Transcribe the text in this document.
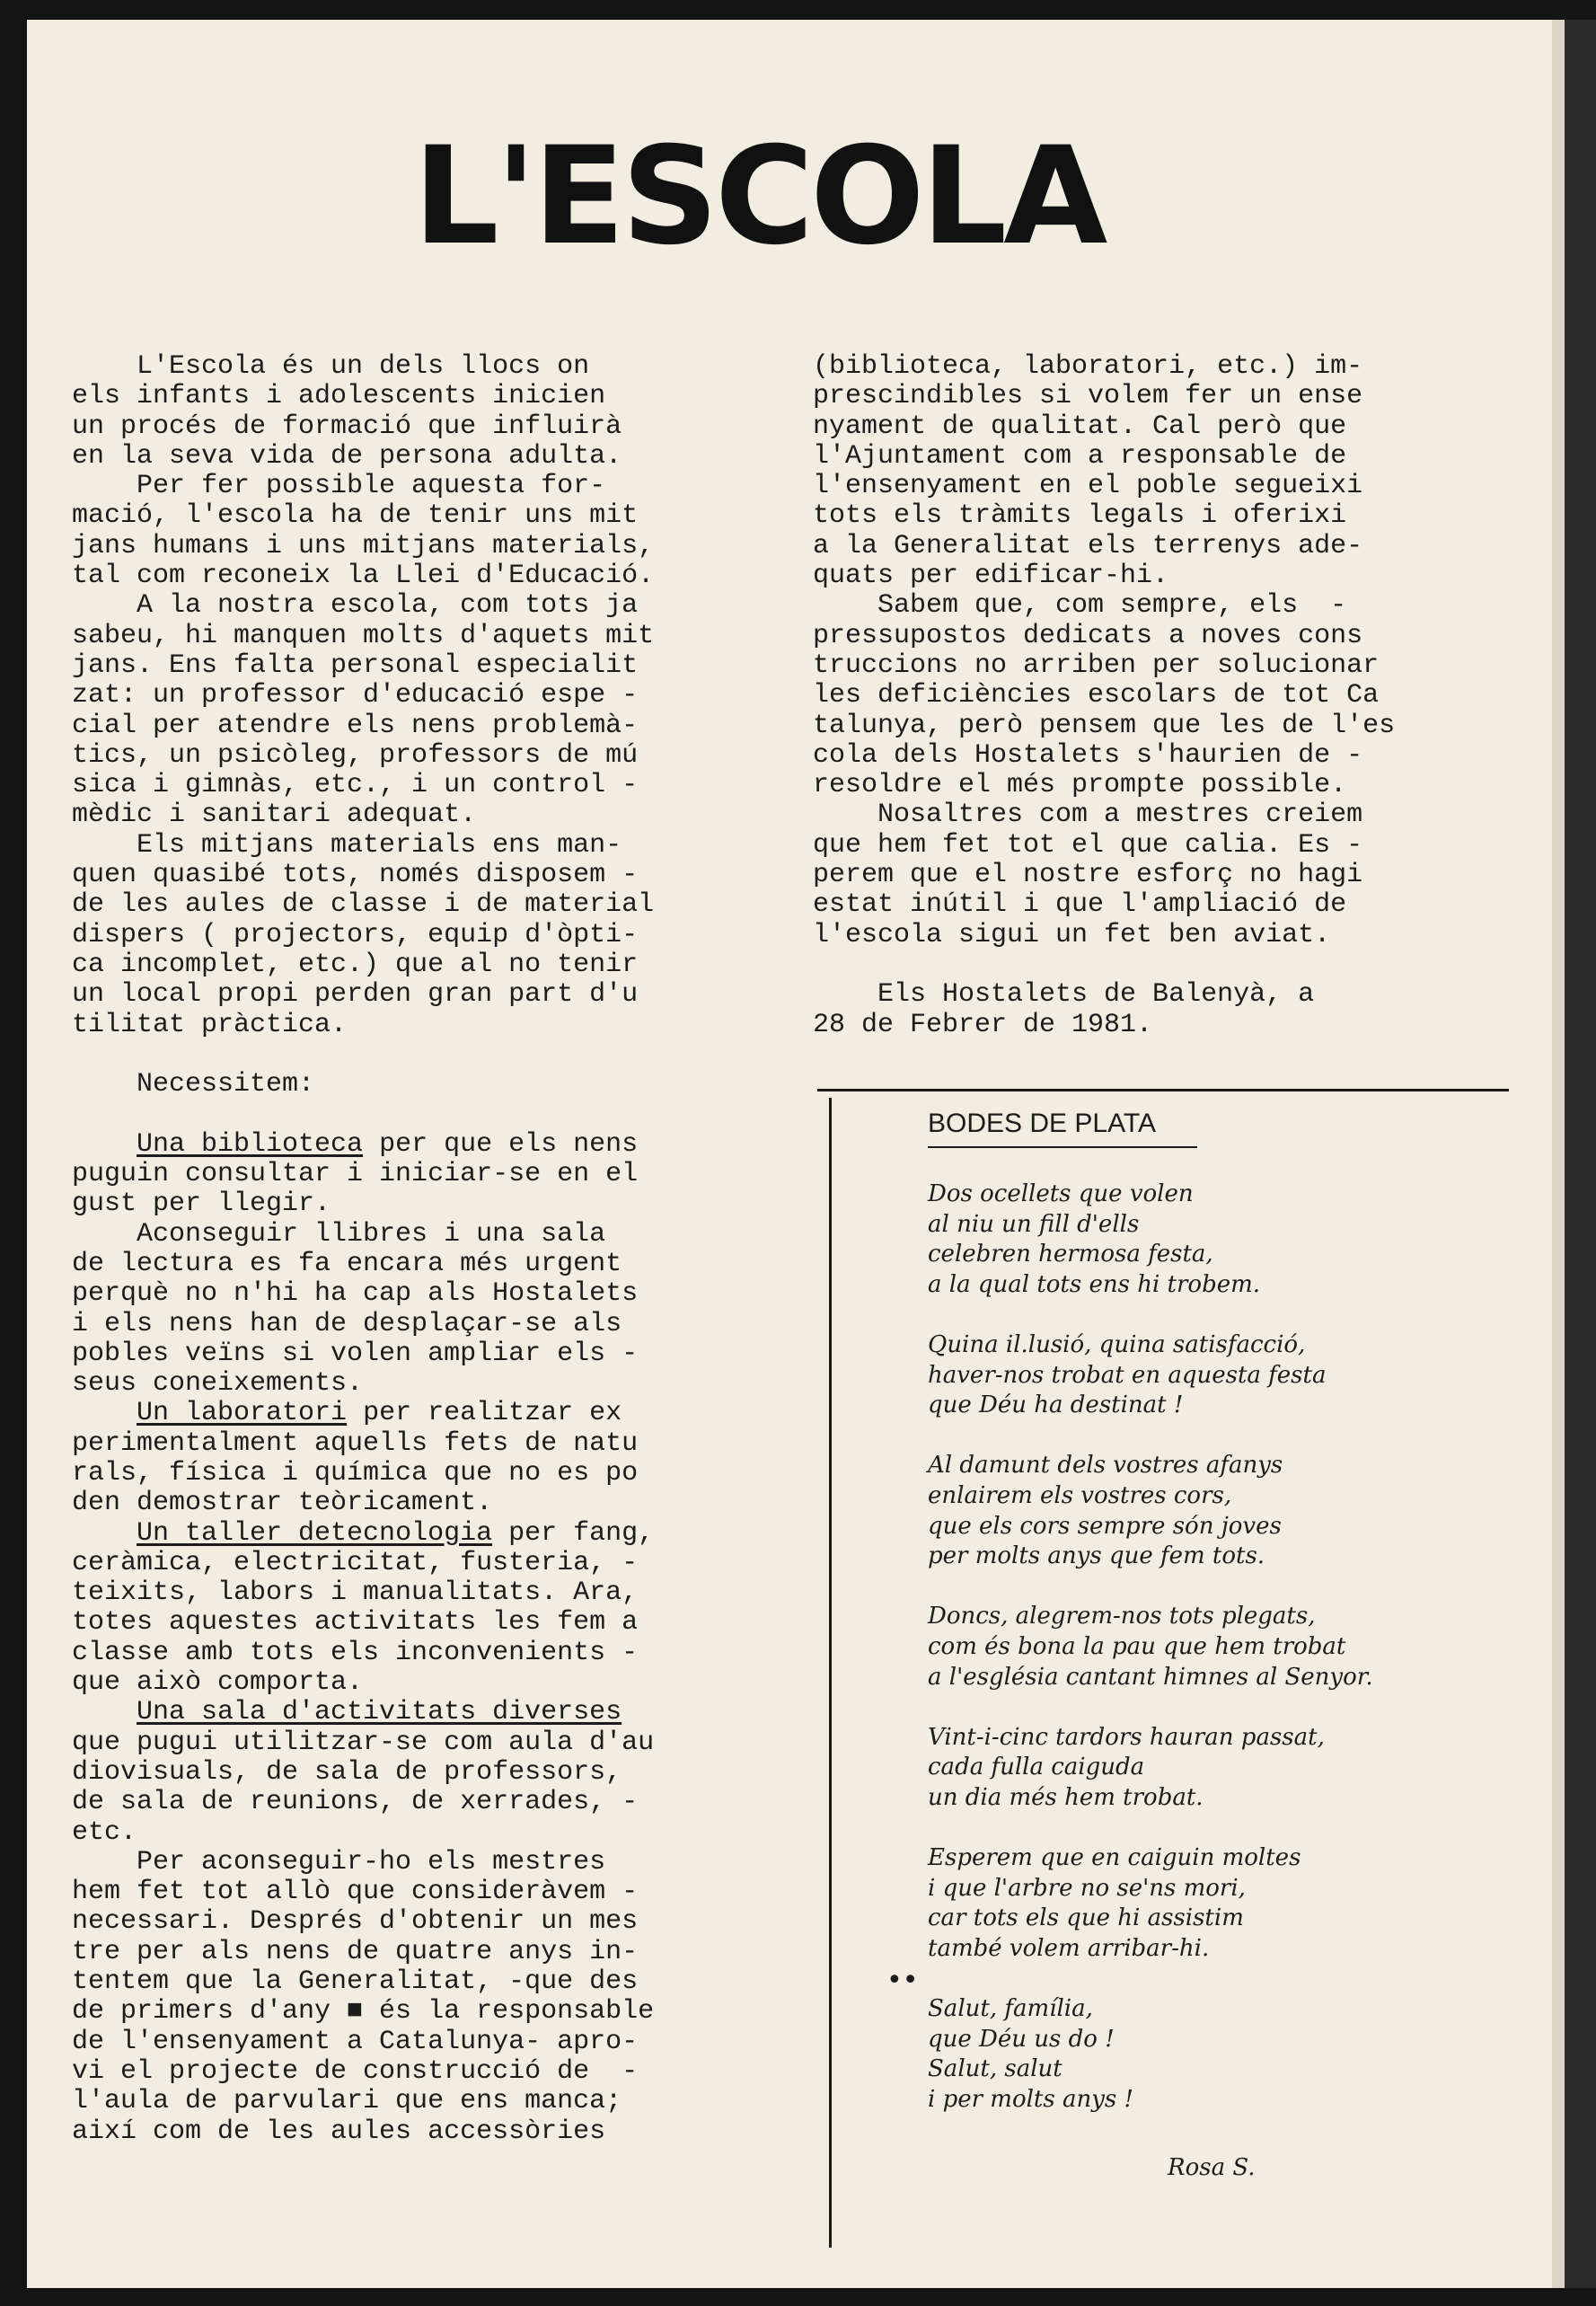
L'ESCOLA
L'Escola és un dels llocs on
els infants i adolescents inicien
un procés de formació que influirà
en la seva vida de persona adulta.
Per fer possible aquesta for-
mació, l'escola ha de tenir uns mit
jans humans i uns mitjans materials,
tal com reconeix la Llei d'Educació.
A la nostra escola, com tots ja
sabeu, hi manquen molts d'aquets mit
jans. Ens falta personal especialit
zat: un professor d'educació espe -
cial per atendre els nens problemà-
tics, un psicòleg, professors de mú
sica i gimnàs, etc., i un control -
mèdic i sanitari adequat.
Els mitjans materials ens man-
quen quasibé tots, només disposem -
de les aules de classe i de material
dispers ( projectors, equip d'òpti-
ca incomplet, etc.) que al no tenir
un local propi perden gran part d'u
tilitat pràctica.
Necessitem:
Una biblioteca per que els nens
puguin consultar i iniciar-se en el
gust per llegir.
Aconseguir llibres i una sala
de lectura es fa encara més urgent
perquè no n'hi ha cap als Hostalets
i els nens han de desplaçar-se als
pobles veïns si volen ampliar els -
seus coneixements.
Un laboratori per realitzar ex
perimentalment aquells fets de natu
rals, física i química que no es po
den demostrar teòricament.
Un taller detecnologia per fang,
ceràmica, electricitat, fusteria, -
teixits, labors i manualitats. Ara,
totes aquestes activitats les fem a
classe amb tots els inconvenients -
que això comporta.
Una sala d'activitats diverses
que pugui utilitzar-se com aula d'au
diovisuals, de sala de professors,
de sala de reunions, de xerrades, -
etc.
Per aconseguir-ho els mestres
hem fet tot allò que consideràvem -
necessari. Després d'obtenir un mes
tre per als nens de quatre anys in-
tentem que la Generalitat, -que des
de primers d'any ■ és la responsable
de l'ensenyament a Catalunya- apro-
vi el projecte de construcció de  -
l'aula de parvulari que ens manca;
així com de les aules accessòries
(biblioteca, laboratori, etc.) im-
prescindibles si volem fer un ense
nyament de qualitat. Cal però que
l'Ajuntament com a responsable de
l'ensenyament en el poble segueixi
tots els tràmits legals i oferi​xi
a la Generalitat els terrenys ade-
quats per edificar-hi.
Sabem que, com sempre, els  -
pressupostos dedicats a noves cons
truccions no arriben per solucionar
les deficiències escolars de tot Ca
talunya, però pensem que les de l'es
cola dels Hostalets s'haurien de -
resoldre el més prompte possible.
Nosaltres com a mestres creiem
que hem fet tot el que calia. Es -
perem que el nostre esforç no hagi
estat inútil i que l'ampliació de
l'escola sigui un fet ben aviat.
Els Hostalets de Balenyà, a
28 de Febrer de 1981.
BODES DE PLATA
Dos ocellets que volen
al niu un fill d'ells
celebren hermosa festa,
a la qual tots ens hi trobem.
Quina il.lusió, quina satisfacció,
haver-nos trobat en aquesta festa
que Déu ha destinat !
Al damunt dels vostres afanys
enlairem els vostres cors,
que els cors sempre són joves
per molts anys que fem tots.
Doncs, alegrem-nos tots plegats,
com és bona la pau que hem trobat
a l'església cantant himnes al Senyor.
Vint-i-cinc tardors hauran passat,
cada fulla caiguda
un dia més hem trobat.
Esperem que en caiguin moltes
i que l'arbre no se'ns mori,
car tots els que hi assistim
també volem arribar-hi.
Salut, família,
que Déu us do !
Salut, salut
i per molts anys !
••
Rosa S.
